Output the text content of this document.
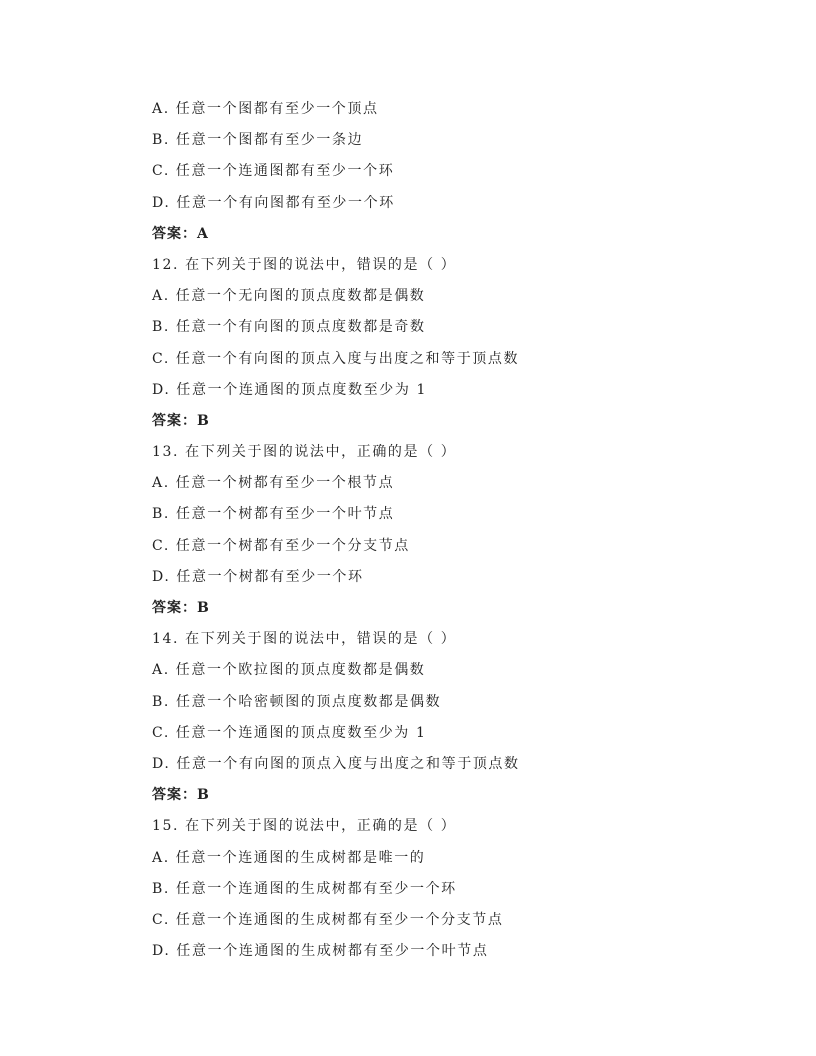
A. 任意一个图都有至少一个顶点
B. 任意一个图都有至少一条边
C. 任意一个连通图都有至少一个环
D. 任意一个有向图都有至少一个环
答案：A
12. 在下列关于图的说法中，错误的是（ ）
A. 任意一个无向图的顶点度数都是偶数
B. 任意一个有向图的顶点度数都是奇数
C. 任意一个有向图的顶点入度与出度之和等于顶点数
D. 任意一个连通图的顶点度数至少为 1
答案：B
13. 在下列关于图的说法中，正确的是（ ）
A. 任意一个树都有至少一个根节点
B. 任意一个树都有至少一个叶节点
C. 任意一个树都有至少一个分支节点
D. 任意一个树都有至少一个环
答案：B
14. 在下列关于图的说法中，错误的是（ ）
A. 任意一个欧拉图的顶点度数都是偶数
B. 任意一个哈密顿图的顶点度数都是偶数
C. 任意一个连通图的顶点度数至少为 1
D. 任意一个有向图的顶点入度与出度之和等于顶点数
答案：B
15. 在下列关于图的说法中，正确的是（ ）
A. 任意一个连通图的生成树都是唯一的
B. 任意一个连通图的生成树都有至少一个环
C. 任意一个连通图的生成树都有至少一个分支节点
D. 任意一个连通图的生成树都有至少一个叶节点
